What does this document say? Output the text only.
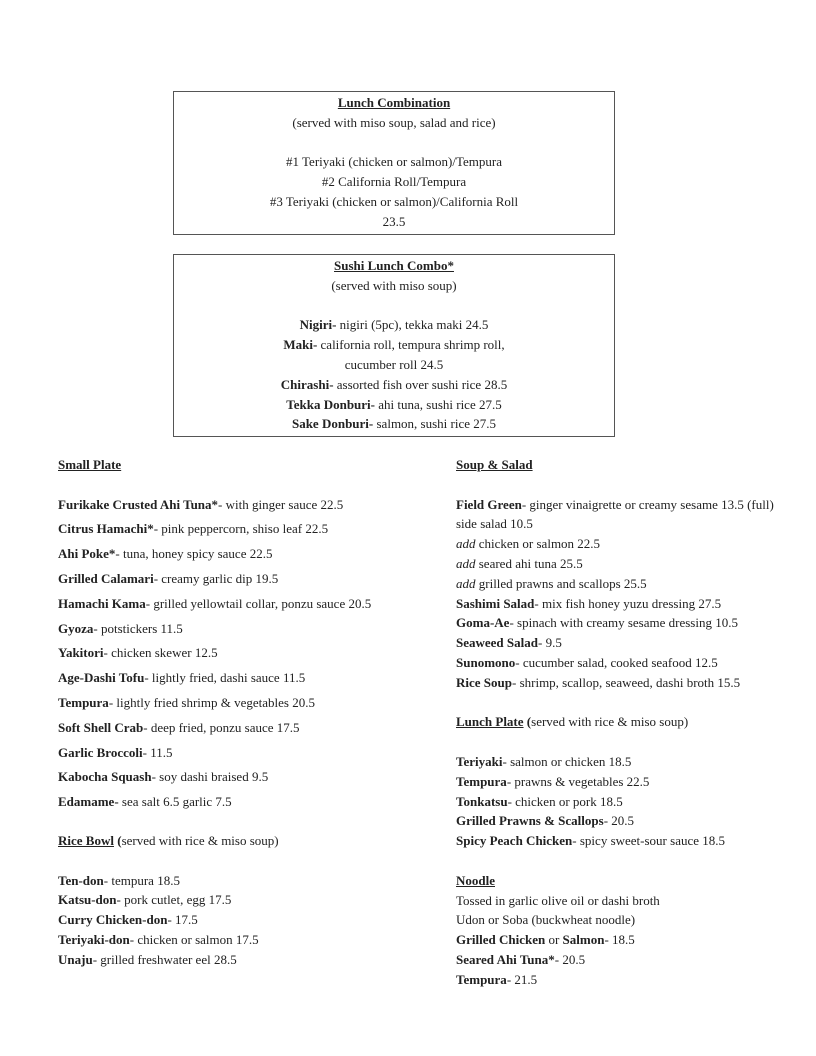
Lunch Combination
(served with miso soup, salad and rice)
#1 Teriyaki (chicken or salmon)/Tempura
#2 California Roll/Tempura
#3 Teriyaki (chicken or salmon)/California Roll
23.5
Sushi Lunch Combo*
(served with miso soup)
Nigiri- nigiri (5pc), tekka maki 24.5
Maki- california roll, tempura shrimp roll,
cucumber roll 24.5
Chirashi- assorted fish over sushi rice 28.5
Tekka Donburi- ahi tuna, sushi rice 27.5
Sake Donburi- salmon, sushi rice 27.5
Small Plate
Furikake Crusted Ahi Tuna*- with ginger sauce 22.5
Citrus Hamachi*- pink peppercorn, shiso leaf 22.5
Ahi Poke*- tuna, honey spicy sauce 22.5
Grilled Calamari- creamy garlic dip 19.5
Hamachi Kama- grilled yellowtail collar, ponzu sauce 20.5
Gyoza- potstickers 11.5
Yakitori- chicken skewer 12.5
Age-Dashi Tofu- lightly fried, dashi sauce 11.5
Tempura- lightly fried shrimp & vegetables 20.5
Soft Shell Crab- deep fried, ponzu sauce 17.5
Garlic Broccoli- 11.5
Kabocha Squash- soy dashi braised 9.5
Edamame- sea salt 6.5 garlic 7.5
Rice Bowl (served with rice & miso soup)
Ten-don- tempura 18.5
Katsu-don- pork cutlet, egg 17.5
Curry Chicken-don- 17.5
Teriyaki-don- chicken or salmon 17.5
Unaju- grilled freshwater eel 28.5
Soup & Salad
Field Green- ginger vinaigrette or creamy sesame 13.5 (full)
side salad 10.5
add chicken or salmon 22.5
add seared ahi tuna 25.5
add grilled prawns and scallops 25.5
Sashimi Salad- mix fish honey yuzu dressing 27.5
Goma-Ae- spinach with creamy sesame dressing 10.5
Seaweed Salad- 9.5
Sunomono- cucumber salad, cooked seafood 12.5
Rice Soup- shrimp, scallop, seaweed, dashi broth 15.5
Lunch Plate (served with rice & miso soup)
Teriyaki- salmon or chicken 18.5
Tempura- prawns & vegetables 22.5
Tonkatsu- chicken or pork 18.5
Grilled Prawns & Scallops- 20.5
Spicy Peach Chicken- spicy sweet-sour sauce 18.5
Noodle
Tossed in garlic olive oil or dashi broth
Udon or Soba (buckwheat noodle)
Grilled Chicken or Salmon- 18.5
Seared Ahi Tuna*- 20.5
Tempura- 21.5
